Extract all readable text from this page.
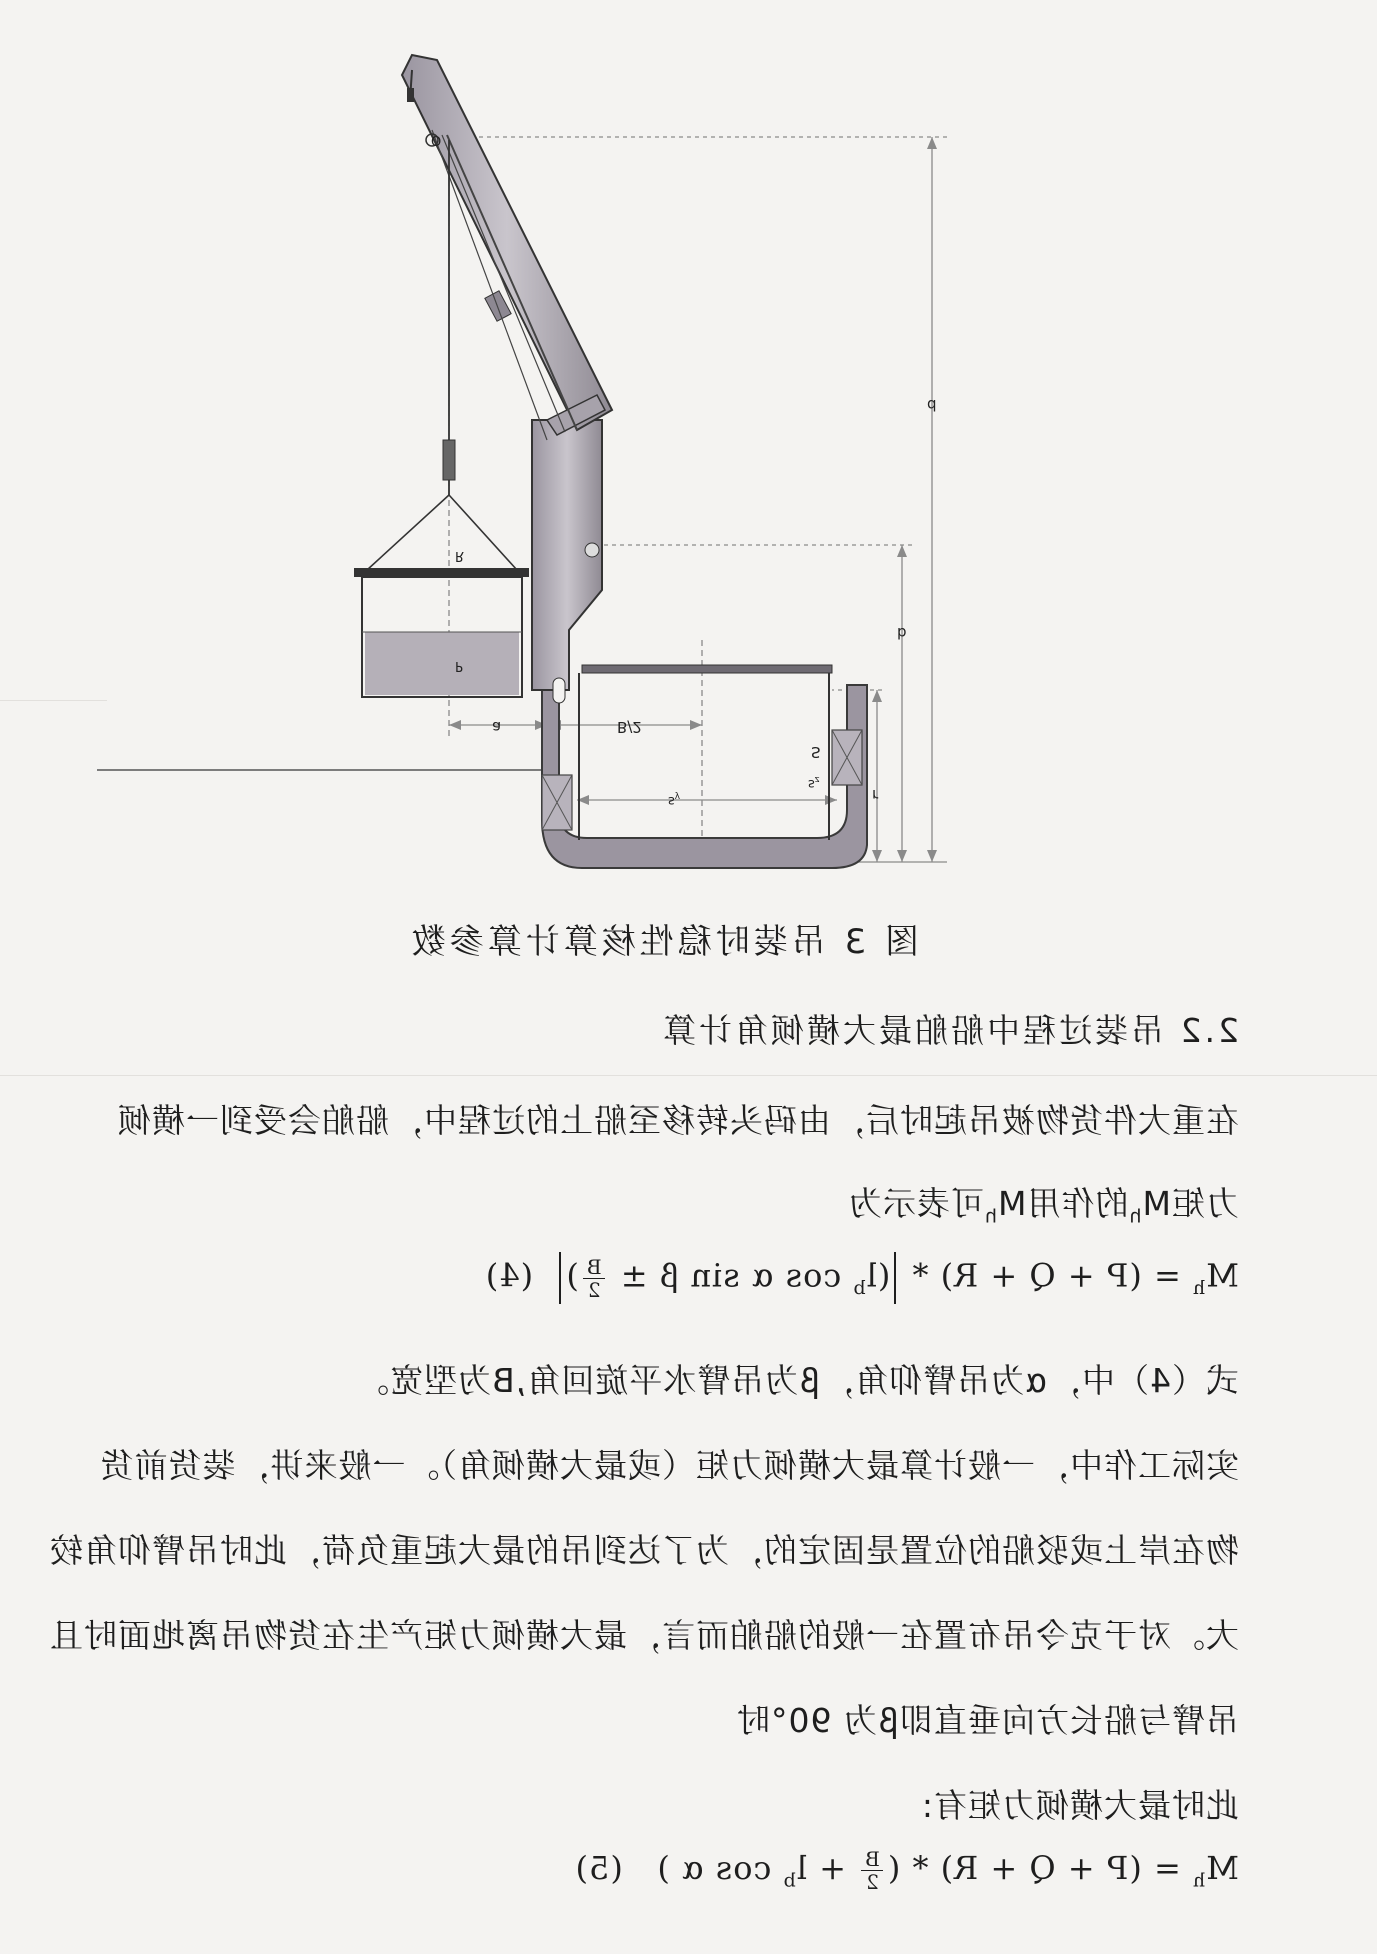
d
b
r
S
$s_z$
$s_y$
B/2
a
R
P
O
图 3 吊装时稳性核算计算参数
2.2 吊装过程中船舶最大横倾角计算
在重大件货物被吊起时后，由码头转移至船上的过程中，船舶会受到一横倾
力矩$M_h$的作用$M_h$可表示为
$M_h = (P + Q + R) * (l_b$ cos α sin β ±
$\frac{B}{2}$
)  (4)
式（4）中，α为吊臂仰角，β为吊臂水平旋回角,B为型宽。
实际工作中，一般计算最大横倾力矩（或最大横倾角）。一般来讲，装货前货
物在岸上或驳船的位置是固定的，为了达到吊的最大起重负荷，此时吊臂仰角较
大。对于克令吊布置在一般的船舶而言，最大横倾力矩产生在货物吊离地面时且
吊臂与船长方向垂直即β为 90°时
此时最大横倾力矩有:
$M_h = (P + Q + R)$ * (
$\frac{B}{2}$
+ $l_b$ cos α )   (5)
